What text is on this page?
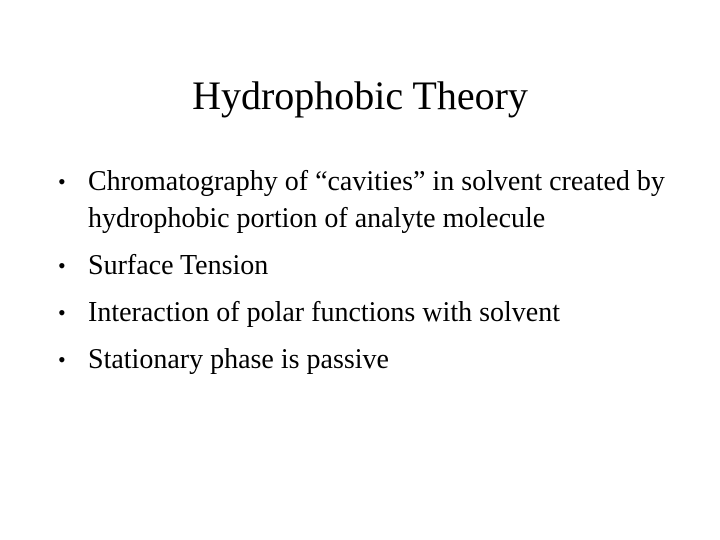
Hydrophobic Theory
• Chromatography of “cavities” in solvent created by hydrophobic portion of analyte molecule
• Surface Tension
• Interaction of polar functions with solvent
• Stationary phase is passive
